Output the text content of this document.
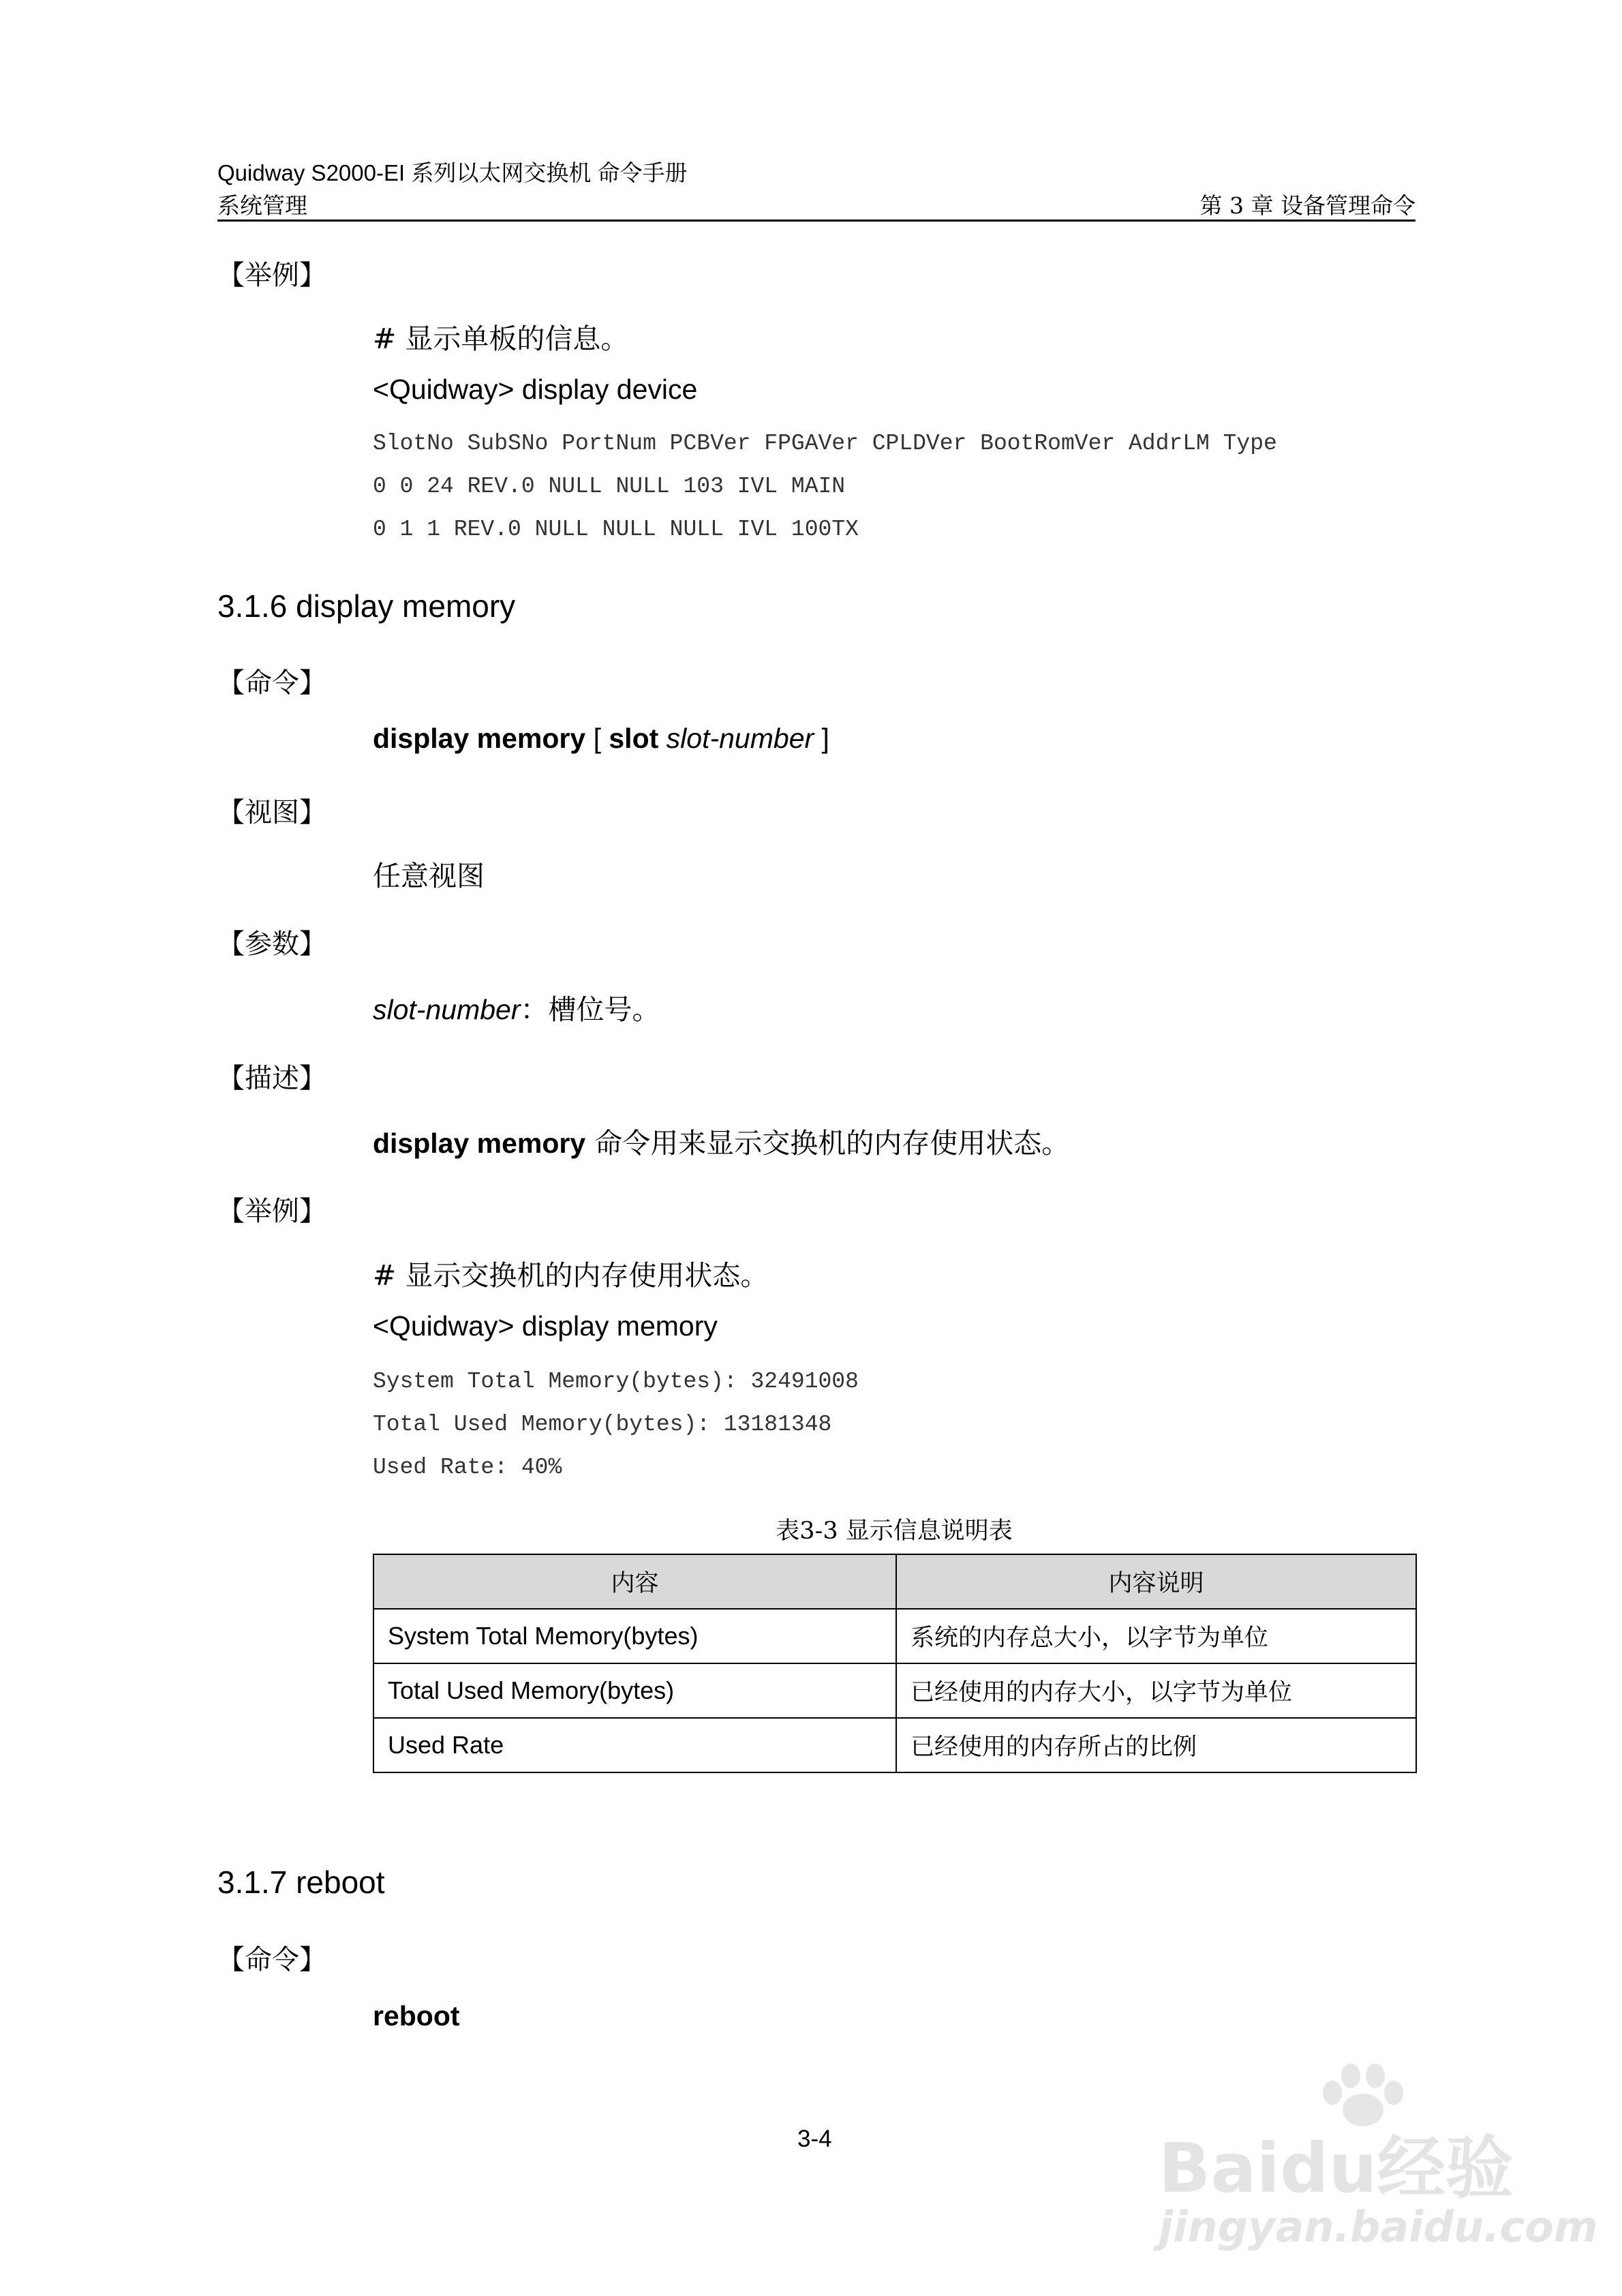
Quidway S2000-EI 系列以太网交换机 命令手册
系统管理	第 3 章 设备管理命令
【举例】
# 显示单板的信息。
<Quidway> display device
SlotNo SubSNo PortNum PCBVer FPGAVer CPLDVer BootRomVer AddrLM Type
0 0 24 REV.0 NULL NULL 103 IVL MAIN
0 1 1 REV.0 NULL NULL NULL IVL 100TX
3.1.6 display memory
【命令】
display memory [ slot slot-number ]
【视图】
任意视图
【参数】
slot-number：槽位号。
【描述】
display memory 命令用来显示交换机的内存使用状态。
【举例】
# 显示交换机的内存使用状态。
<Quidway> display memory
System Total Memory(bytes): 32491008
Total Used Memory(bytes): 13181348
Used Rate: 40%
表3-3 显示信息说明表
内容	内容说明
System Total Memory(bytes)	系统的内存总大小，以字节为单位
Total Used Memory(bytes)	已经使用的内存大小，以字节为单位
Used Rate	已经使用的内存所占的比例
3.1.7 reboot
【命令】
reboot
3-4	Baidu经验
jingyan.baidu.com
